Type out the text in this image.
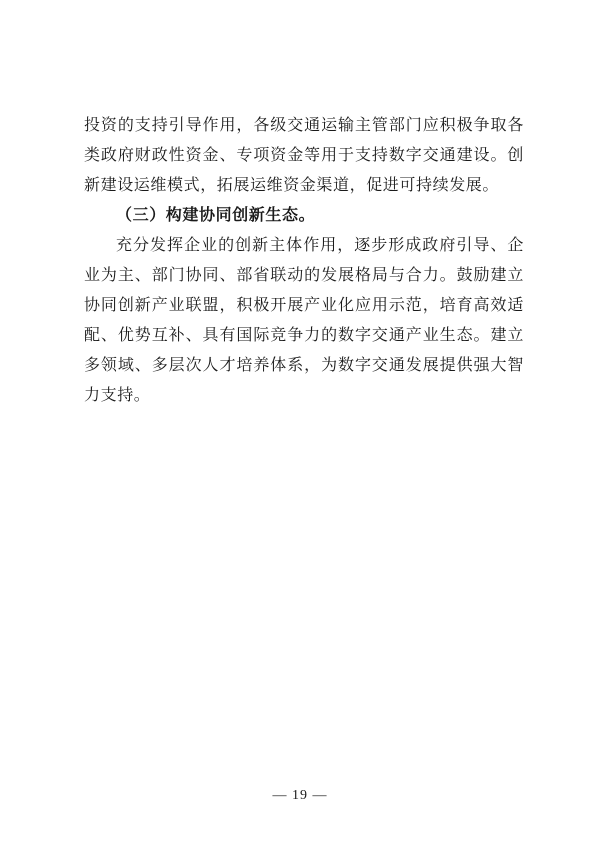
投资的支持引导作用，各级交通运输主管部门应积极争取各类政府财政性资金、专项资金等用于支持数字交通建设。创新建设运维模式，拓展运维资金渠道，促进可持续发展。

（三）构建协同创新生态。

充分发挥企业的创新主体作用，逐步形成政府引导、企业为主、部门协同、部省联动的发展格局与合力。鼓励建立协同创新产业联盟，积极开展产业化应用示范，培育高效适配、优势互补、具有国际竞争力的数字交通产业生态。建立多领域、多层次人才培养体系，为数字交通发展提供强大智力支持。

— 19 —
